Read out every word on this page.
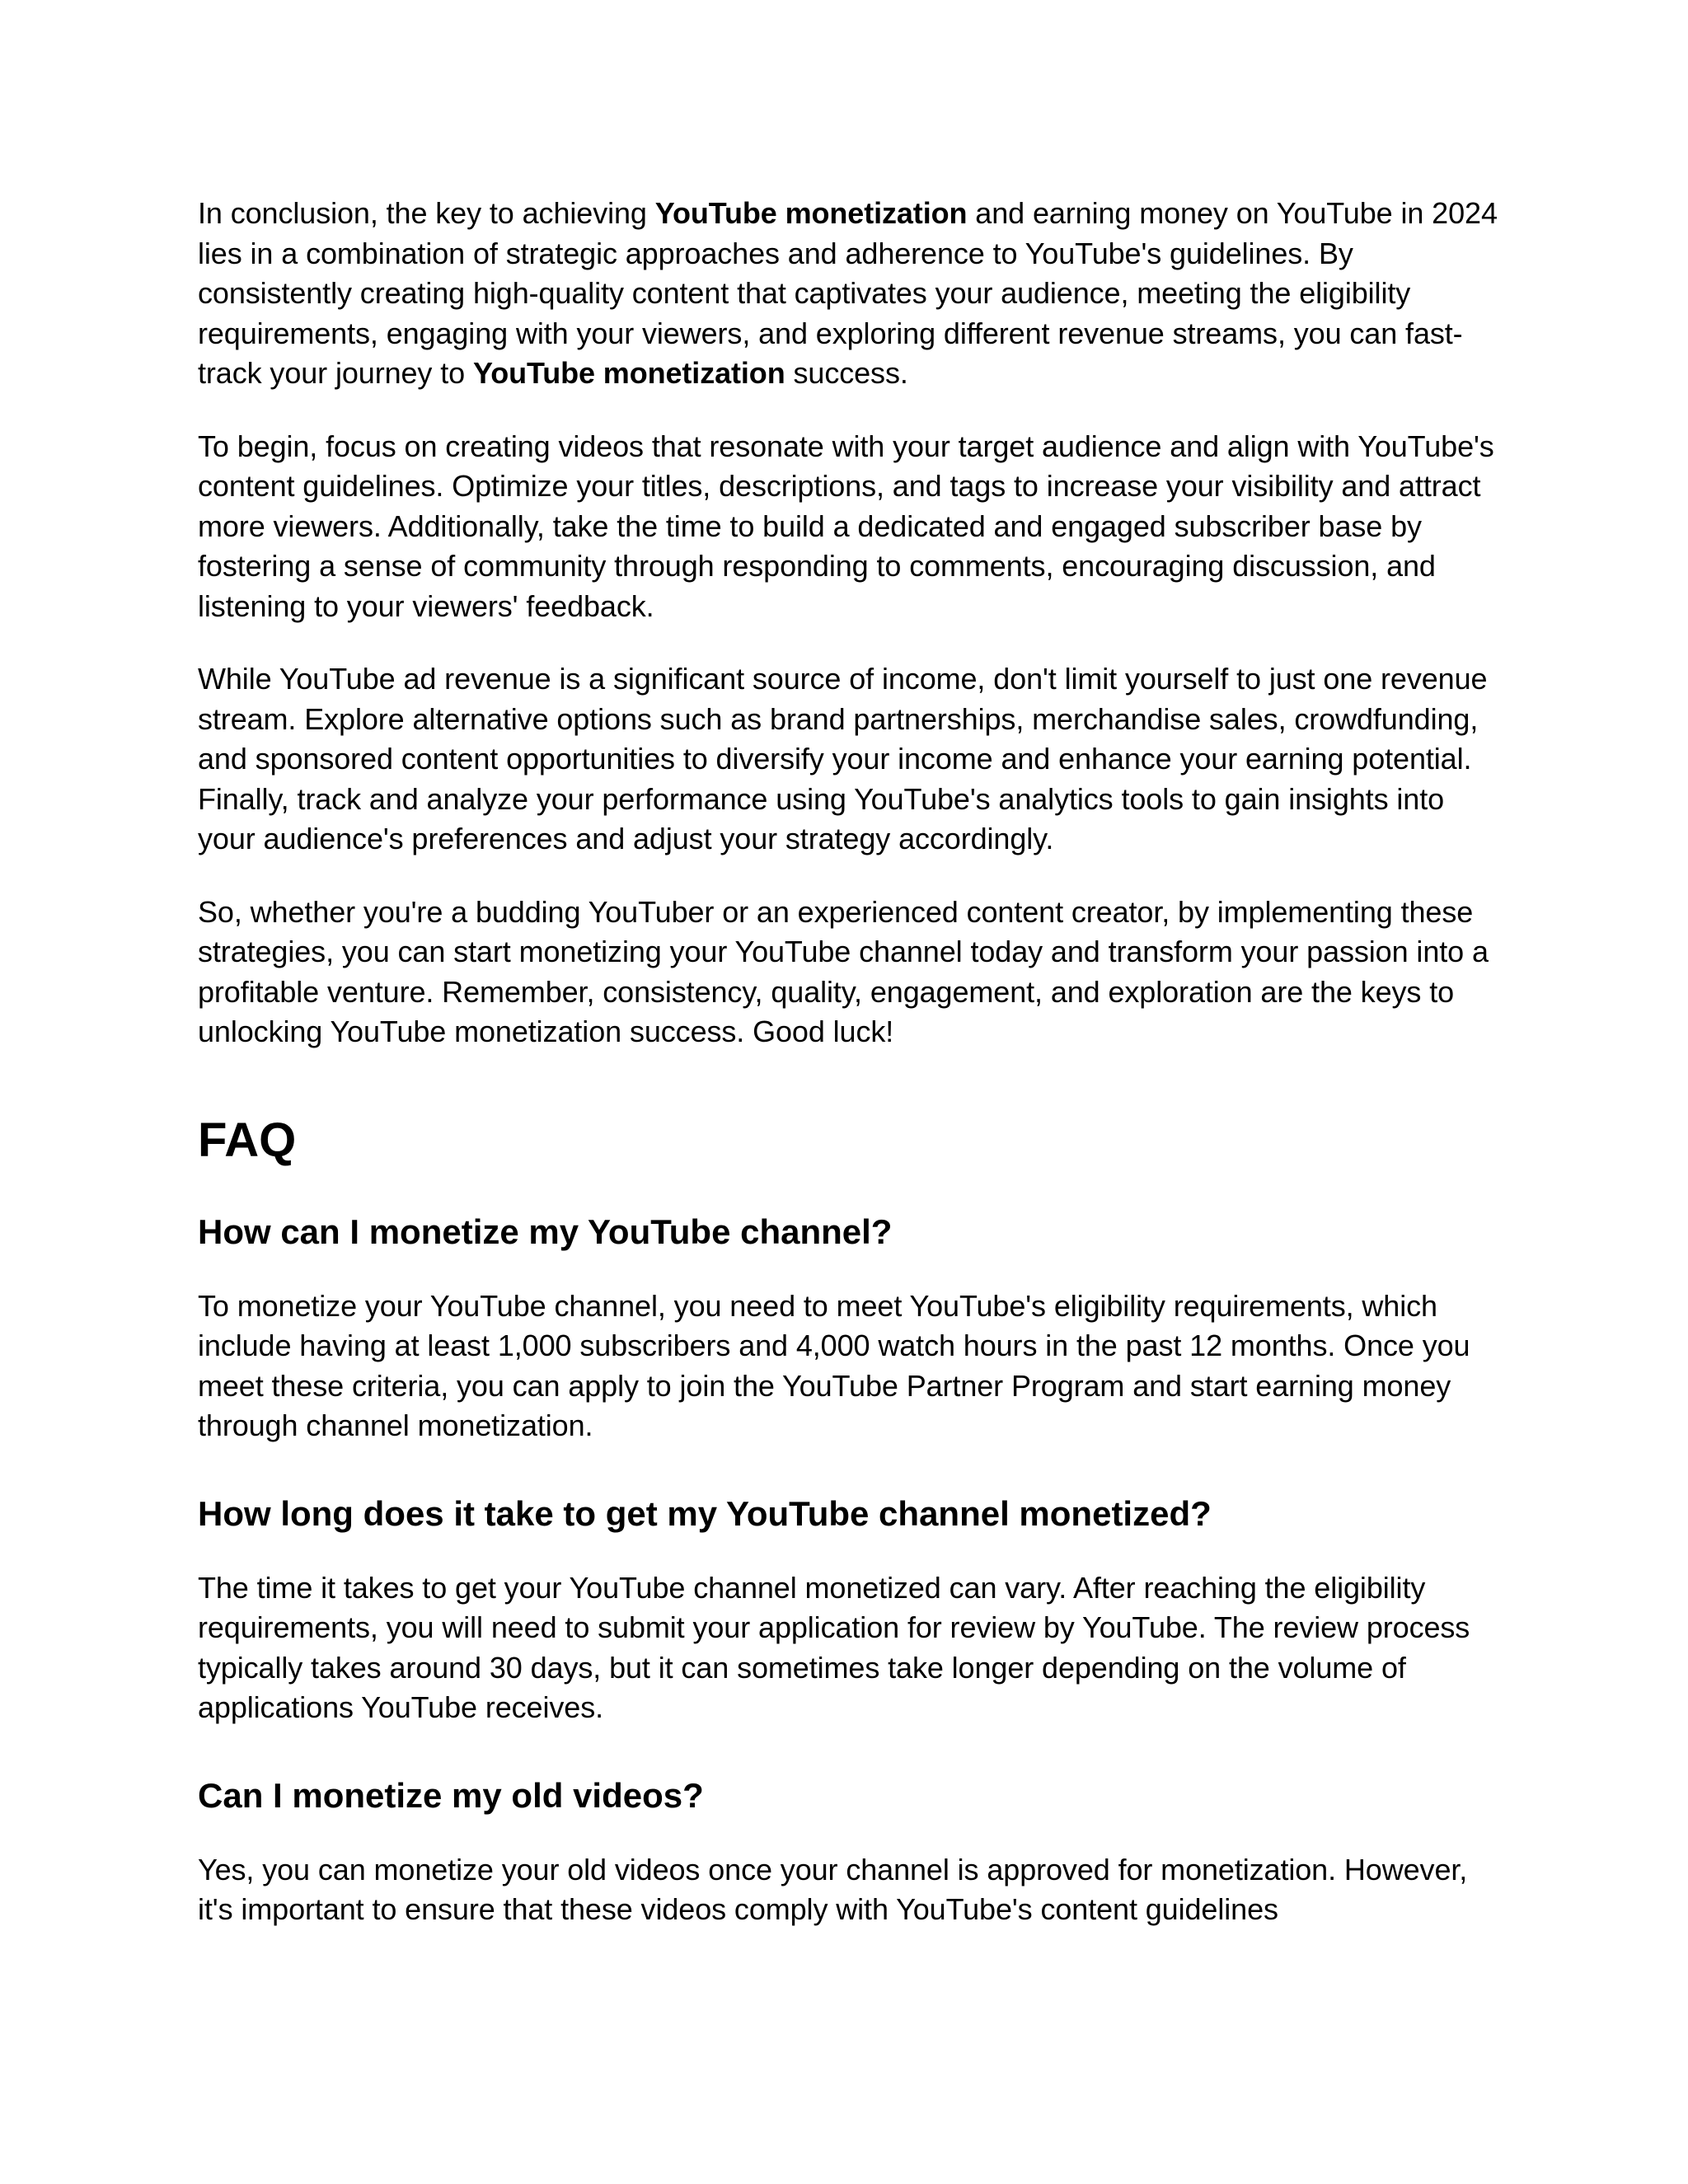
In conclusion, the key to achieving YouTube monetization and earning money on YouTube in 2024 lies in a combination of strategic approaches and adherence to YouTube's guidelines. By consistently creating high-quality content that captivates your audience, meeting the eligibility requirements, engaging with your viewers, and exploring different revenue streams, you can fast-track your journey to YouTube monetization success.

To begin, focus on creating videos that resonate with your target audience and align with YouTube's content guidelines. Optimize your titles, descriptions, and tags to increase your visibility and attract more viewers. Additionally, take the time to build a dedicated and engaged subscriber base by fostering a sense of community through responding to comments, encouraging discussion, and listening to your viewers' feedback.

While YouTube ad revenue is a significant source of income, don't limit yourself to just one revenue stream. Explore alternative options such as brand partnerships, merchandise sales, crowdfunding, and sponsored content opportunities to diversify your income and enhance your earning potential. Finally, track and analyze your performance using YouTube's analytics tools to gain insights into your audience's preferences and adjust your strategy accordingly.

So, whether you're a budding YouTuber or an experienced content creator, by implementing these strategies, you can start monetizing your YouTube channel today and transform your passion into a profitable venture. Remember, consistency, quality, engagement, and exploration are the keys to unlocking YouTube monetization success. Good luck!

FAQ
How can I monetize my YouTube channel?

To monetize your YouTube channel, you need to meet YouTube's eligibility requirements, which include having at least 1,000 subscribers and 4,000 watch hours in the past 12 months. Once you meet these criteria, you can apply to join the YouTube Partner Program and start earning money through channel monetization.

How long does it take to get my YouTube channel monetized?

The time it takes to get your YouTube channel monetized can vary. After reaching the eligibility requirements, you will need to submit your application for review by YouTube. The review process typically takes around 30 days, but it can sometimes take longer depending on the volume of applications YouTube receives.

Can I monetize my old videos?

Yes, you can monetize your old videos once your channel is approved for monetization. However, it's important to ensure that these videos comply with YouTube's content guidelines
